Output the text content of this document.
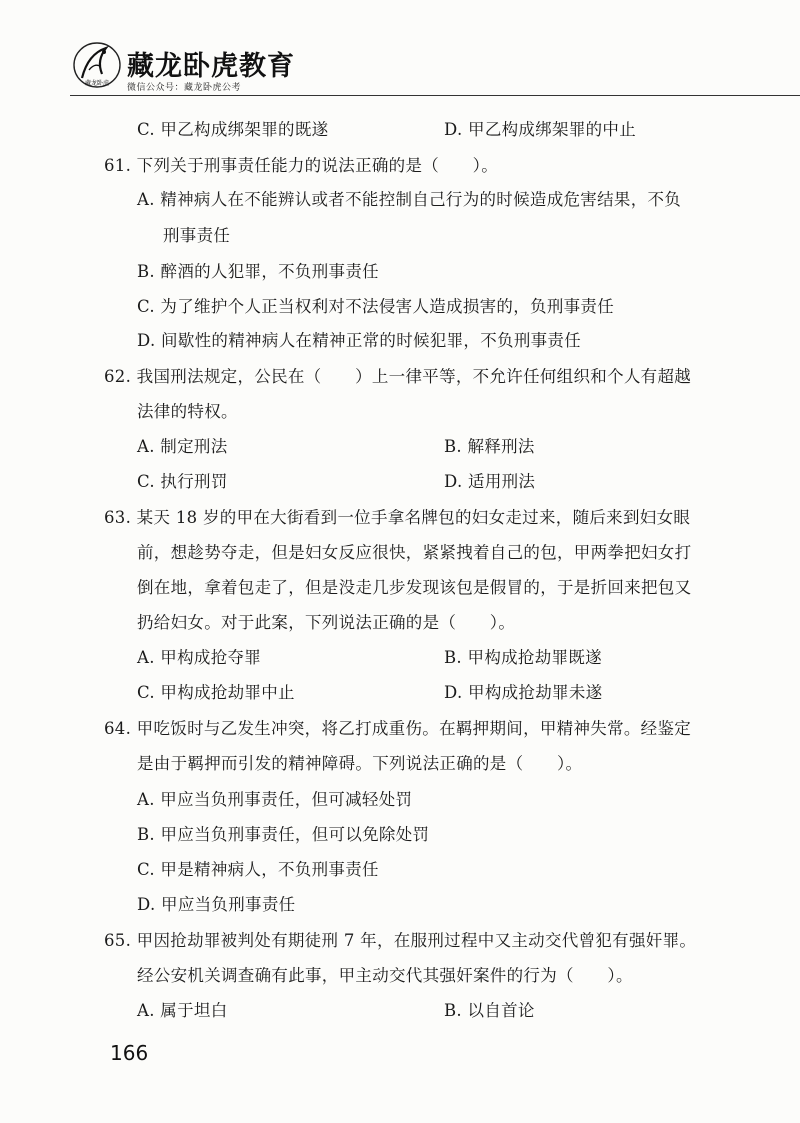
藏龙卧虎
藏龙卧虎教育
微信公众号：藏龙卧虎公考
C. 甲乙构成绑架罪的既遂	D. 甲乙构成绑架罪的中止
61. 下列关于刑事责任能力的说法正确的是（　　）。
A. 精神病人在不能辨认或者不能控制自己行为的时候造成危害结果，不负
刑事责任
B. 醉酒的人犯罪，不负刑事责任
C. 为了维护个人正当权利对不法侵害人造成损害的，负刑事责任
D. 间歇性的精神病人在精神正常的时候犯罪，不负刑事责任
62. 我国刑法规定，公民在（　　）上一律平等，不允许任何组织和个人有超越
法律的特权。
A. 制定刑法	B. 解释刑法
C. 执行刑罚	D. 适用刑法
63. 某天 18 岁的甲在大街看到一位手拿名牌包的妇女走过来，随后来到妇女眼
前，想趁势夺走，但是妇女反应很快，紧紧拽着自己的包，甲两拳把妇女打
倒在地，拿着包走了，但是没走几步发现该包是假冒的，于是折回来把包又
扔给妇女。对于此案，下列说法正确的是（　　）。
A. 甲构成抢夺罪	B. 甲构成抢劫罪既遂
C. 甲构成抢劫罪中止	D. 甲构成抢劫罪未遂
64. 甲吃饭时与乙发生冲突，将乙打成重伤。在羁押期间，甲精神失常。经鉴定
是由于羁押而引发的精神障碍。下列说法正确的是（　　）。
A. 甲应当负刑事责任，但可减轻处罚
B. 甲应当负刑事责任，但可以免除处罚
C. 甲是精神病人，不负刑事责任
D. 甲应当负刑事责任
65. 甲因抢劫罪被判处有期徒刑 7 年，在服刑过程中又主动交代曾犯有强奸罪。
经公安机关调查确有此事，甲主动交代其强奸案件的行为（　　）。
A. 属于坦白	B. 以自首论
166
